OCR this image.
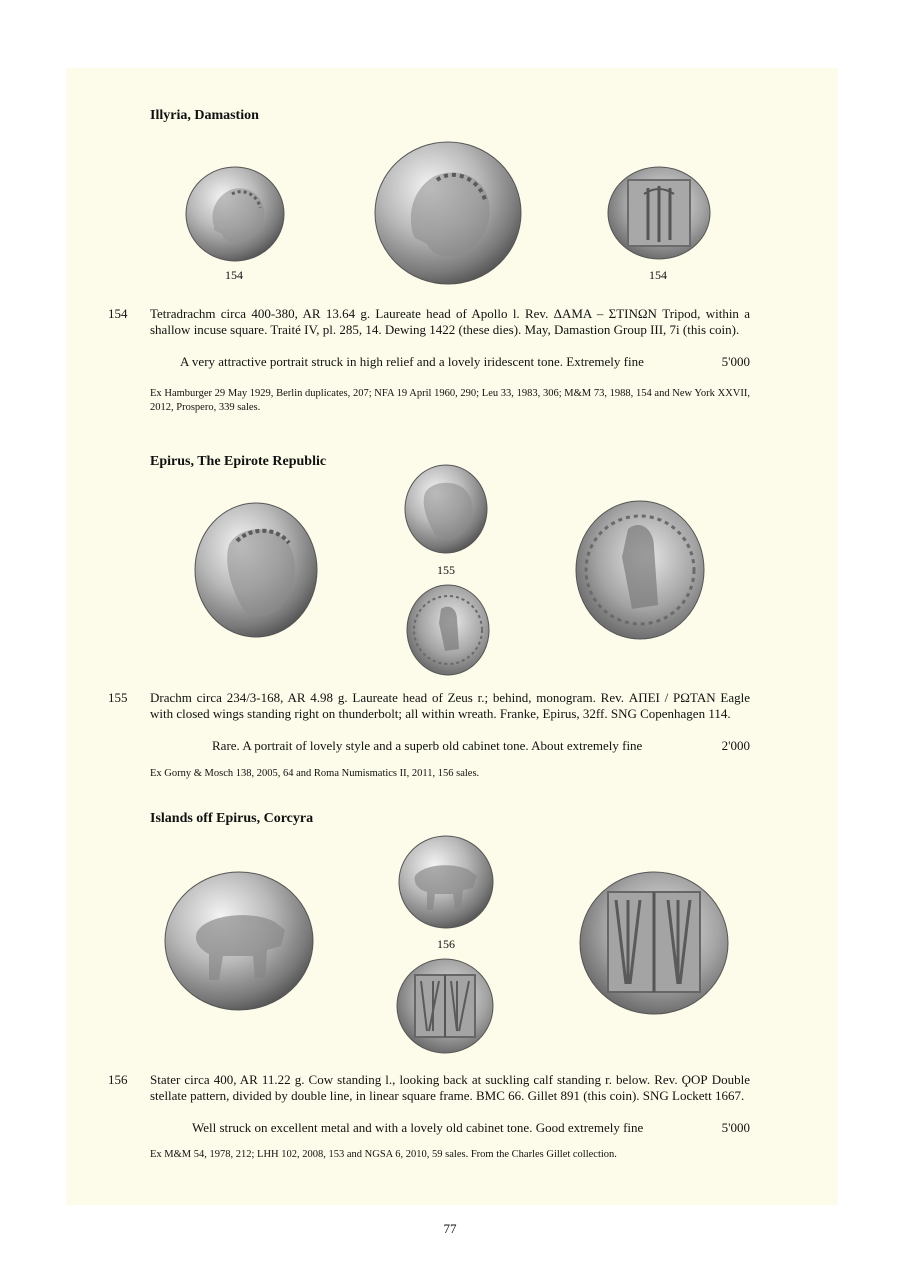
Illyria, Damastion
154	154
154 Tetradrachm circa 400-380, AR 13.64 g. Laureate head of Apollo l. Rev. ΔΑΜΑ – ΣΤΙΝΩΝ Tripod, within a shallow incuse square. Traité IV, pl. 285, 14. Dewing 1422 (these dies). May, Damastion Group III, 7i (this coin).
A very attractive portrait struck in high relief and a lovely iridescent tone. Extremely fine	5'000
Ex Hamburger 29 May 1929, Berlin duplicates, 207; NFA 19 April 1960, 290; Leu 33, 1983, 306; M&M 73, 1988, 154 and New York XXVII, 2012, Prospero, 339 sales.
Epirus, The Epirote Republic
155
155 Drachm circa 234/3-168, AR 4.98 g. Laureate head of Zeus r.; behind, monogram. Rev. ΑΠΕΙ / ΡΩΤΑΝ Eagle with closed wings standing right on thunderbolt; all within wreath. Franke, Epirus, 32ff. SNG Copenhagen 114.
Rare. A portrait of lovely style and a superb old cabinet tone. About extremely fine	2'000
Ex Gorny & Mosch 138, 2005, 64 and Roma Numismatics II, 2011, 156 sales.
Islands off Epirus, Corcyra
156
156 Stater circa 400, AR 11.22 g. Cow standing l., looking back at suckling calf standing r. below. Rev. ϘΟΡ Double stellate pattern, divided by double line, in linear square frame. BMC 66. Gillet 891 (this coin). SNG Lockett 1667.
Well struck on excellent metal and with a lovely old cabinet tone. Good extremely fine	5'000
Ex M&M 54, 1978, 212; LHH 102, 2008, 153 and NGSA 6, 2010, 59 sales. From the Charles Gillet collection.
77
